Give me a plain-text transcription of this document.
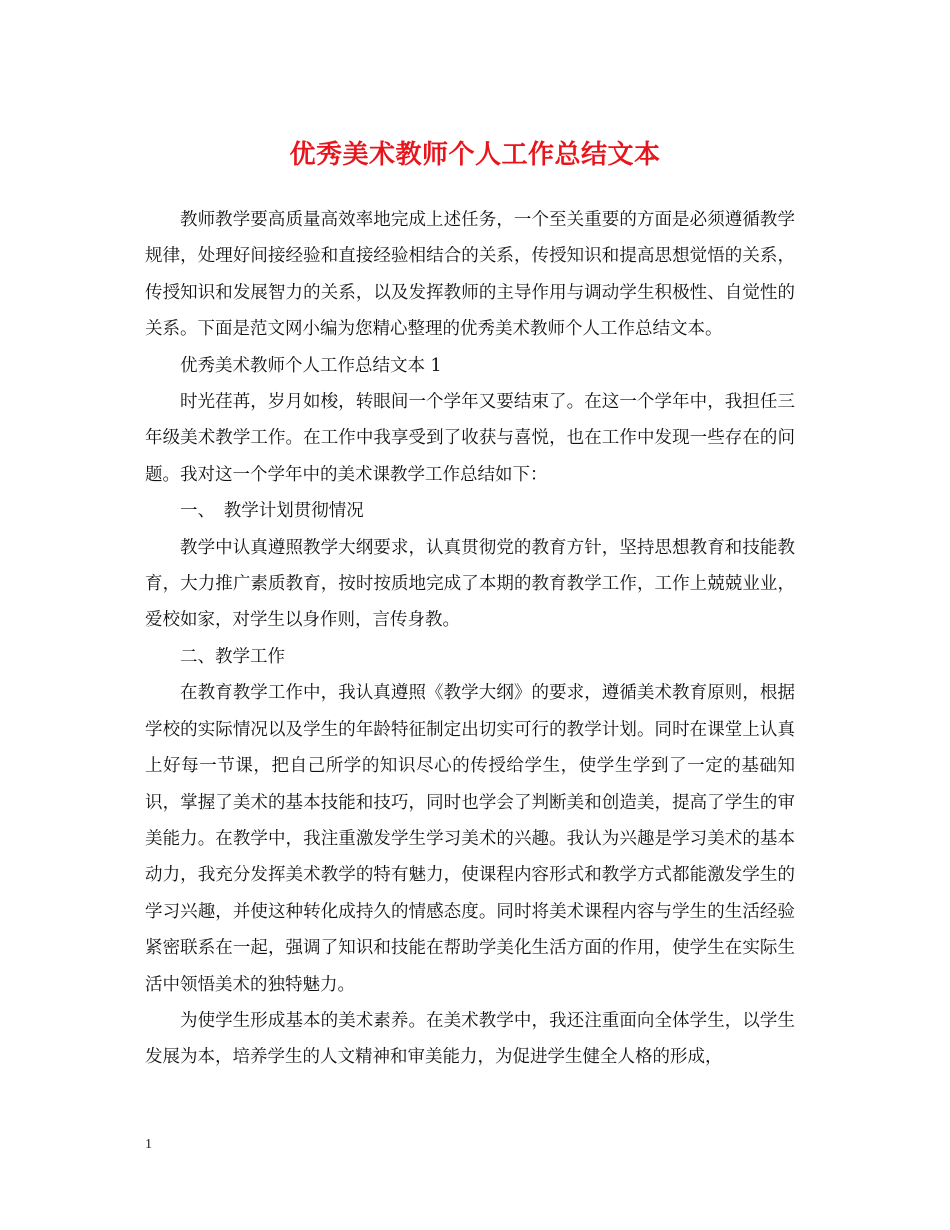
优秀美术教师个人工作总结文本

教师教学要高质量高效率地完成上述任务，一个至关重要的方面是必须遵循教学规律，处理好间接经验和直接经验相结合的关系，传授知识和提高思想觉悟的关系，传授知识和发展智力的关系，以及发挥教师的主导作用与调动学生积极性、自觉性的关系。下面是范文网小编为您精心整理的优秀美术教师个人工作总结文本。

优秀美术教师个人工作总结文本 1

时光荏苒，岁月如梭，转眼间一个学年又要结束了。在这一个学年中，我担任三年级美术教学工作。在工作中我享受到了收获与喜悦，也在工作中发现一些存在的问题。我对这一个学年中的美术课教学工作总结如下：

一、　教学计划贯彻情况

教学中认真遵照教学大纲要求，认真贯彻党的教育方针，坚持思想教育和技能教育，大力推广素质教育，按时按质地完成了本期的教育教学工作，工作上兢兢业业，爱校如家，对学生以身作则，言传身教。

二、教学工作

在教育教学工作中，我认真遵照《教学大纲》的要求，遵循美术教育原则，根据学校的实际情况以及学生的年龄特征制定出切实可行的教学计划。同时在课堂上认真上好每一节课，把自己所学的知识尽心的传授给学生，使学生学到了一定的基础知识，掌握了美术的基本技能和技巧，同时也学会了判断美和创造美，提高了学生的审美能力。在教学中，我注重激发学生学习美术的兴趣。我认为兴趣是学习美术的基本动力，我充分发挥美术教学的特有魅力，使课程内容形式和教学方式都能激发学生的学习兴趣，并使这种转化成持久的情感态度。同时将美术课程内容与学生的生活经验紧密联系在一起，强调了知识和技能在帮助学美化生活方面的作用，使学生在实际生活中领悟美术的独特魅力。

为使学生形成基本的美术素养。在美术教学中，我还注重面向全体学生，以学生发展为本，培养学生的人文精神和审美能力，为促进学生健全人格的形成，

1
